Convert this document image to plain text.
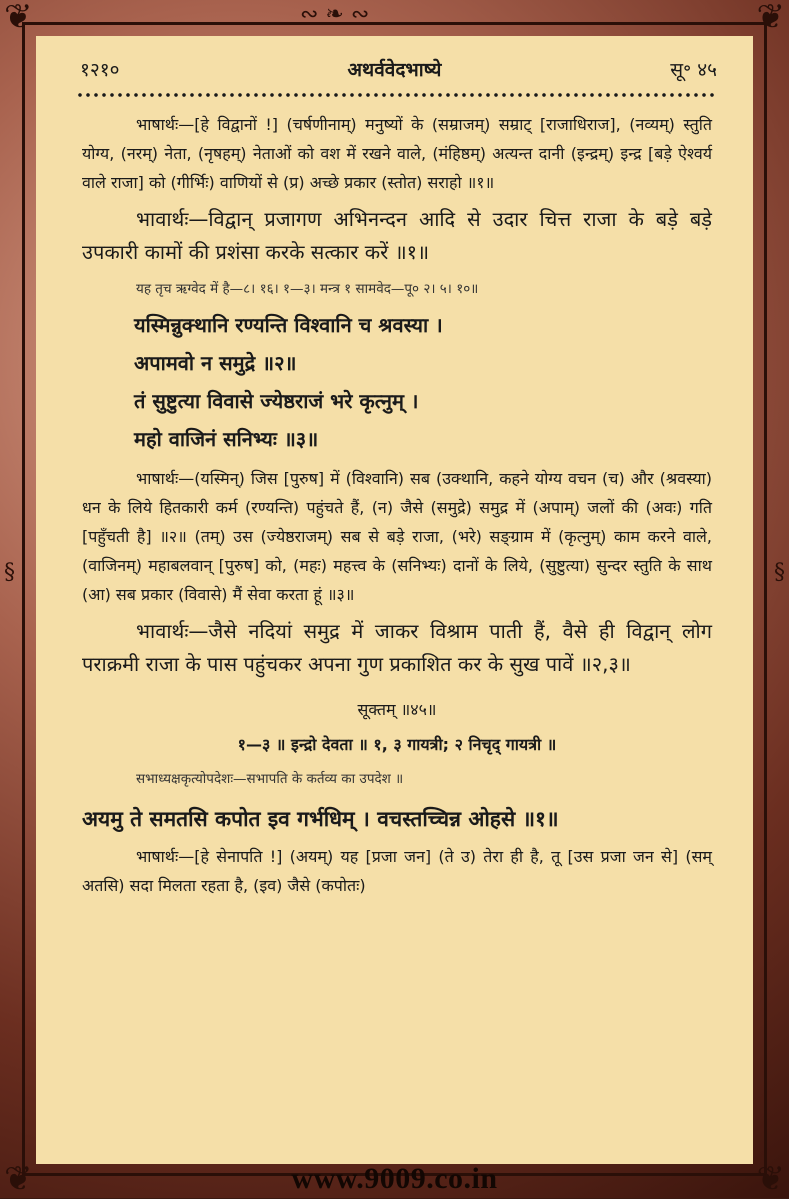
❦	❦
❦	❦
∾ ❧ ∾
§	§
१२१०	अथर्ववेदभाष्ये	सू॰ ४५

भाषार्थः—[हे विद्वानों !] (चर्षणीनाम्) मनुष्यों के (सम्राजम्) सम्राट् [राजाधिराज], (नव्यम्) स्तुति योग्य, (नरम्) नेता, (नृषहम्) नेताओं को वश में रखने वाले, (मंहिष्ठम्) अत्यन्त दानी (इन्द्रम्) इन्द्र [बड़े ऐश्वर्य वाले राजा] को (गीर्भिः) वाणियों से (प्र) अच्छे प्रकार (स्तोत) सराहो ॥१॥

भावार्थः—विद्वान् प्रजागण अभिनन्दन आदि से उदार चित्त राजा के बड़े बड़े उपकारी कामों की प्रशंसा करके सत्कार करें ॥१॥

यह तृच ऋग्वेद में है—८। १६। १—३। मन्त्र १ सामवेद—पू० २। ५। १०॥

यस्मिन्नुक्थानि रण्यन्ति विश्वानि च श्रवस्या ।
अपामवो न समुद्रे ॥२॥
तं सुष्टुत्या विवासे ज्येष्ठराजं भरे कृत्नुम् ।
महो वाजिनं सनिभ्यः ॥३॥

भाषार्थः—(यस्मिन्) जिस [पुरुष] में (विश्वानि) सब (उक्थानि, कहने योग्य वचन (च) और (श्रवस्या) धन के लिये हितकारी कर्म (रण्यन्ति) पहुंचते हैं, (न) जैसे (समुद्रे) समुद्र में (अपाम्) जलों की (अवः) गति [पहुँचती है] ॥२॥ (तम्) उस (ज्येष्ठराजम्) सब से बड़े राजा, (भरे) सङ्ग्राम में (कृत्नुम्) काम करने वाले, (वाजिनम्) महाबलवान् [पुरुष] को, (महः) महत्त्व के (सनिभ्यः) दानों के लिये, (सुष्टुत्या) सुन्दर स्तुति के साथ (आ) सब प्रकार (विवासे) मैं सेवा करता हूं ॥३॥

भावार्थः—जैसे नदियां समुद्र में जाकर विश्राम पाती हैं, वैसे ही विद्वान् लोग पराक्रमी राजा के पास पहुंचकर अपना गुण प्रकाशित कर के सुख पावें ॥२,३॥

सूक्तम् ॥४५॥

१—३ ॥ इन्द्रो देवता ॥ १, ३ गायत्री; २ निचृद् गायत्री ॥

सभाध्यक्षकृत्योपदेशः—सभापति के कर्तव्य का उपदेश ॥

अयमु ते समतसि कपोत इव गर्भधिम् । वचस्तच्चिन्न ओहसे ॥१॥

भाषार्थः—[हे सेनापति !] (अयम्) यह [प्रजा जन] (ते उ) तेरा ही है, तू [उस प्रजा जन से] (सम् अतसि) सदा मिलता रहता है, (इव) जैसे (कपोतः)

www.9009.co.in
